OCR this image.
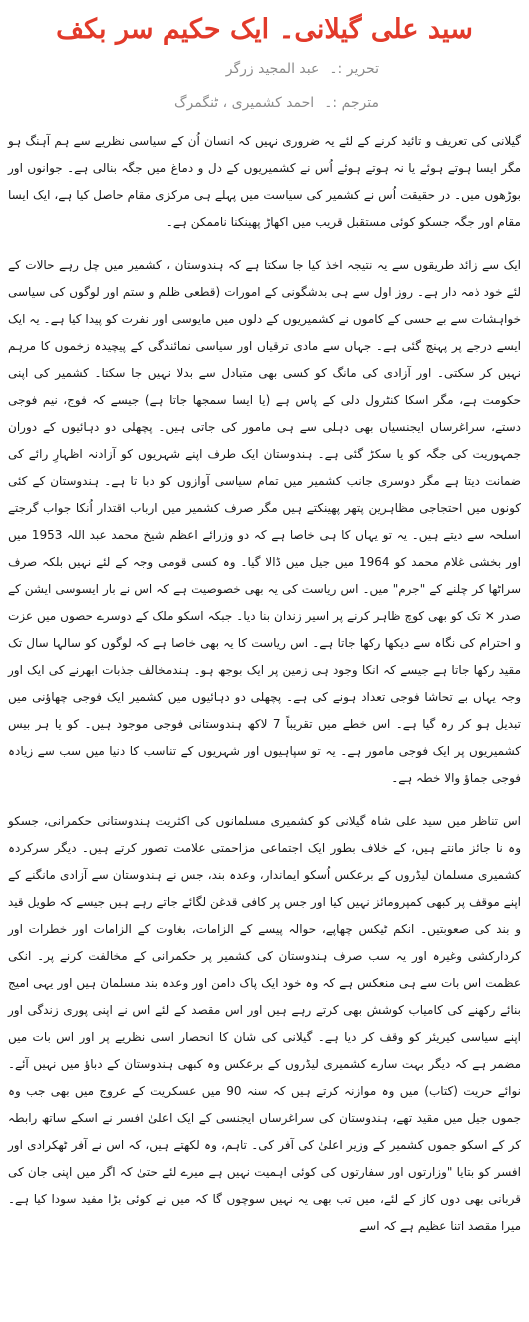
سید علی گیلانی۔ ایک حکیم سر بکف
تحریر :۔عبد المجید زرگر
مترجم :۔احمد کشمیری ، ٹنگمرگ

گیلانی کی تعریف و تائید کرنے کے لئے یہ ضروری نہیں کہ انسان اُن کے سیاسی نظریے سے ہم آہنگ ہو مگر ایسا ہوتے ہوئے یا نہ ہوتے ہوئے اُس نے کشمیریوں کے دل و دماغ میں جگہ بنالی ہے۔ جوانوں اور بوڑھوں میں۔ در حقیقت اُس نے کشمیر کی سیاست میں پہلے ہی مرکزی مقام حاصل کیا ہے، ایک ایسا مقام اور جگہ جسکو کوئی مستقبل قریب میں اکھاڑ پھینکنا ناممکن ہے۔

ایک سے زائد طریقوں سے یہ نتیجہ اخذ کیا جا سکتا ہے کہ ہندوستان ، کشمیر میں چل رہے حالات کے لئے خود ذمہ دار ہے۔ روز اول سے ہی بدشگونی کے امورات (قطعی ظلم و ستم اور لوگوں کی سیاسی خواہشات سے بے حسی کے کاموں نے کشمیریوں کے دلوں میں مایوسی اور نفرت کو پیدا کیا ہے۔ یہ ایک ایسے درجے پر پہنچ گئی ہے۔ جہاں سے مادی ترقیاں اور سیاسی نمائندگی کے پیچیدہ زخموں کا مرہم نہیں کر سکتی۔ اور آزادی کی مانگ کو کسی بھی متبادل سے بدلا نہیں جا سکتا۔ کشمیر کی اپنی حکومت ہے، مگر اسکا کنٹرول دلی کے پاس ہے (یا ایسا سمجھا جاتا ہے) جیسے کہ فوج، نیم فوجی دستے، سراغرساں ایجنسیاں بھی دہلی سے ہی مامور کی جاتی ہیں۔ پچھلی دو دہائیوں کے دوران جمہوریت کی جگہ کو یا سکڑ گئی ہے۔ ہندوستان ایک طرف اپنے شہریوں کو آزادنہ اظہارِ رائے کی ضمانت دیتا ہے مگر دوسری جانب کشمیر میں تمام سیاسی آوازوں کو دبا تا ہے۔ ہندوستان کے کئی کونوں میں احتجاجی مظاہرین پتھر پھینکتے ہیں مگر صرف کشمیر میں ارباب اقتدار اُنکا جواب گرجتے اسلحہ سے دیتے ہیں۔ یہ تو یہاں کا ہی خاصا ہے کہ دو وزرائے اعظم شیخ محمد عبد اللہ 1953 میں اور بخشی غلام محمد کو 1964 میں جیل میں ڈالا گیا۔ وہ کسی قومی وجہ کے لئے نہیں بلکہ صرف سراٹھا کر چلنے کے "جرم" میں۔ اس ریاست کی یہ بھی خصوصیت ہے کہ اس نے بار ایسوسی ایشن کے صدر ✕ تک کو بھی کوچ ظاہر کرنے پر اسیر زندان بنا دیا۔ جبکہ اسکو ملک کے دوسرے حصوں میں عزت و احترام کی نگاہ سے دیکھا رکھا جاتا ہے۔ اس ریاست کا یہ بھی خاصا ہے کہ لوگوں کو سالہا سال تک مقید رکھا جاتا ہے جیسے کہ انکا وجود ہی زمین پر ایک بوجھ ہو۔ ہندمخالف جذبات ابھرنے کی ایک اور وجہ یہاں بے تحاشا فوجی تعداد ہونے کی ہے۔ پچھلی دو دہائیوں میں کشمیر ایک فوجی چھاؤنی میں تبدیل ہو کر رہ گیا ہے۔ اس خطے میں تقریباً 7 لاکھ ہندوستانی فوجی موجود ہیں۔ کو یا ہر بیس کشمیریوں پر ایک فوجی مامور ہے۔ یہ تو سپاہیوں اور شہریوں کے تناسب کا دنیا میں سب سے زیادہ فوجی جماؤ والا خطہ ہے۔

اس تناظر میں سید علی شاہ گیلانی کو کشمیری مسلمانوں کی اکثریت ہندوستانی حکمرانی، جسکو وہ نا جائز مانتے ہیں، کے خلاف بطور ایک اجتماعی مزاحمتی علامت تصور کرتے ہیں۔ دیگر سرکردہ کشمیری مسلمان لیڈروں کے برعکس اُسکو ایماندار، وعدہ بند، جس نے ہندوستان سے آزادی مانگنے کے اپنے موقف پر کبھی کمپرومائز نہیں کیا اور جس پر کافی قدغن لگائے جاتے رہے ہیں جیسے کہ طویل قید و بند کی صعوبتیں۔ انکم ٹیکس چھاپے، حوالہ پیسے کے الزامات، بغاوت کے الزامات اور خطرات اور کردارکشی وغیرہ اور یہ سب صرف ہندوستان کی کشمیر پر حکمرانی کے مخالفت کرنے پر۔ انکی عظمت اس بات سے ہی منعکس ہے کہ وہ خود ایک پاک دامن اور وعدہ بند مسلمان ہیں اور یہی امیج بنائے رکھنے کی کامیاب کوشش بھی کرتے رہے ہیں اور اس مقصد کے لئے اس نے اپنی پوری زندگی اور اپنے سیاسی کیریئر کو وقف کر دیا ہے۔ گیلانی کی شان کا انحصار اسی نظریے پر اور اس بات میں مضمر ہے کہ دیگر بہت سارے کشمیری لیڈروں کے برعکس وہ کبھی ہندوستان کے دباؤ میں نہیں آئے۔ نوائے حریت (کتاب) میں وہ موازنہ کرتے ہیں کہ سنہ 90 میں عسکریت کے عروج میں بھی جب وہ جموں جیل میں مقید تھے، ہندوستان کی سراغرساں ایجنسی کے ایک اعلیٰ افسر نے اسکے ساتھ رابطہ کر کے اسکو جموں کشمیر کے وزیر اعلیٰ کی آفر کی۔ تاہم، وہ لکھتے ہیں، کہ اس نے آفر ٹھکرادی اور افسر کو بتایا "وزارتوں اور سفارتوں کی کوئی اہمیت نہیں ہے میرے لئے حتیٰ کہ اگر میں اپنی جان کی قربانی بھی دوں کاز کے لئے، میں تب بھی یہ نہیں سوچوں گا کہ میں نے کوئی بڑا مفید سودا کیا ہے۔ میرا مقصد اتنا عظیم ہے کہ اسے
